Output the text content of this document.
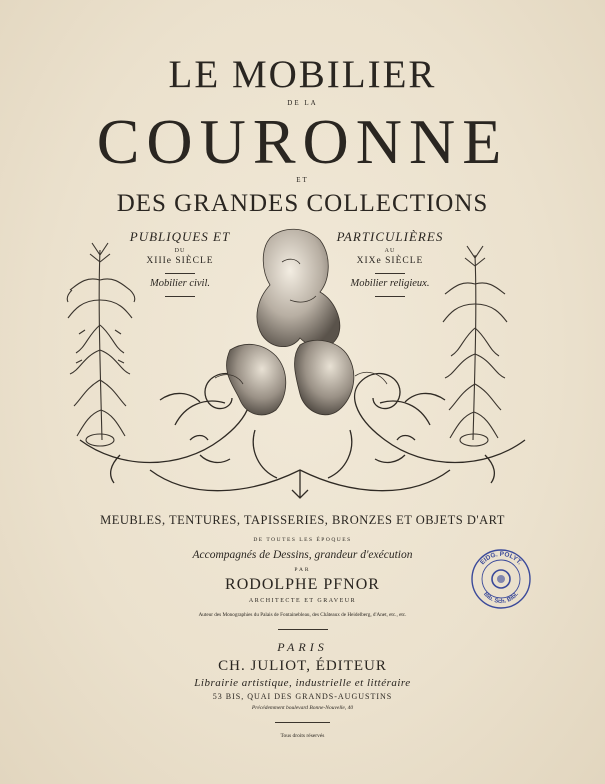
LE MOBILIER
DE LA
COURONNE
ET
DES GRANDES COLLECTIONS
PUBLIQUES ET
DU
XIIIe SIÈCLE
Mobilier civil.
PARTICULIÈRES
AU
XIXe SIÈCLE
Mobilier religieux.
MEUBLES, TENTURES, TAPISSERIES, BRONZES ET OBJETS D'ART
DE TOUTES LES ÉPOQUES
Accompagnés de Dessins, grandeur d'exécution
PAR
RODOLPHE PFNOR
ARCHITECTE ET GRAVEUR
Auteur des Monographies du Palais de Fontainebleau, des Châteaux de Heidelberg, d'Anet, etc., etc.
PARIS
CH. JULIOT, ÉDITEUR
Librairie artistique, industrielle et littéraire
53 BIS, QUAI DES GRANDS-AUGUSTINS
Précédemment boulevard Bonne-Nouvelle, 40
Tous droits réservés
EIDG. POLYT.
Bib. Sch. Bibl.
